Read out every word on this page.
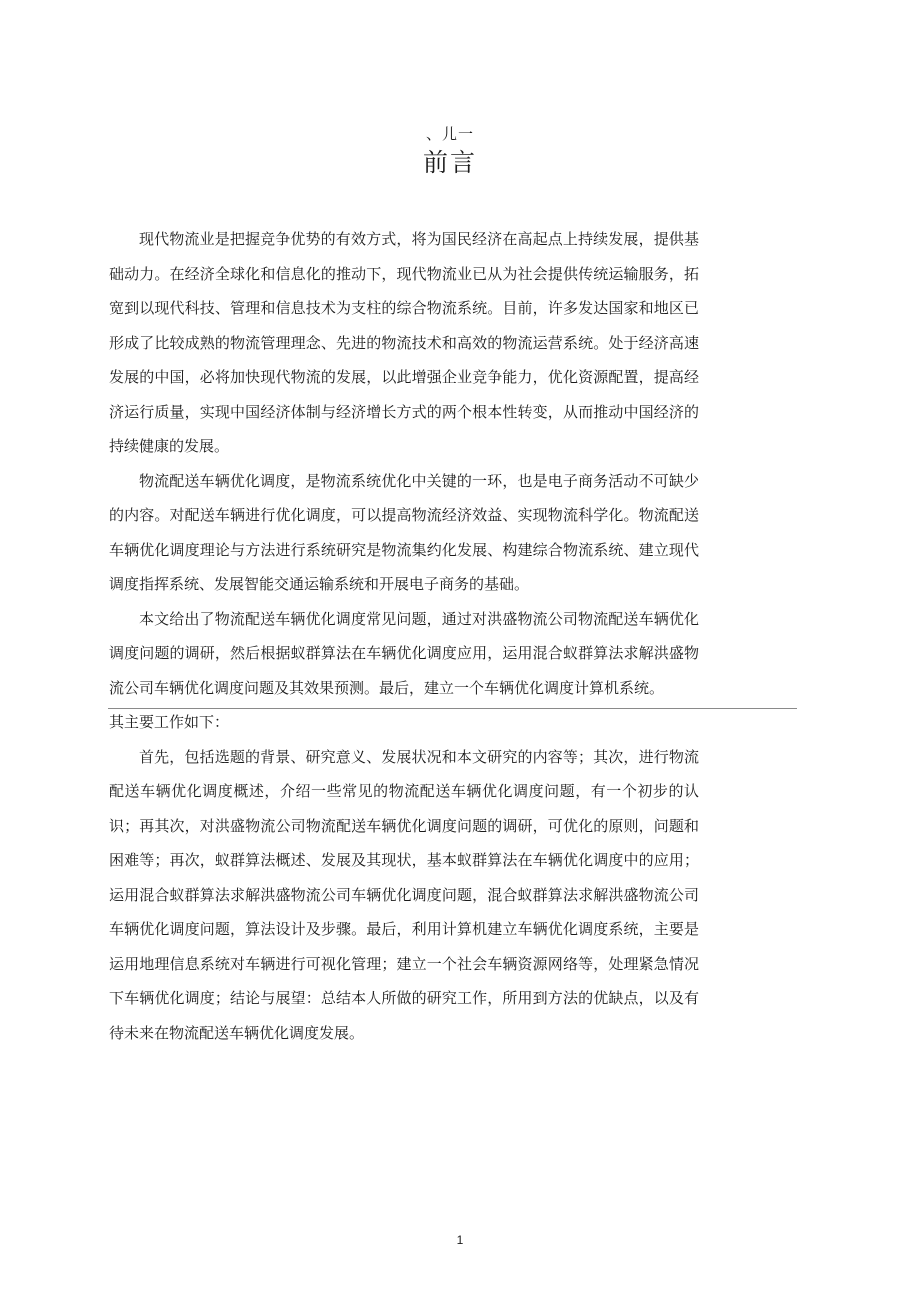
、儿一
前言

现代物流业是把握竞争优势的有效方式，将为国民经济在高起点上持续发展，提供基础动力。在经济全球化和信息化的推动下，现代物流业已从为社会提供传统运输服务，拓宽到以现代科技、管理和信息技术为支柱的综合物流系统。目前，许多发达国家和地区已形成了比较成熟的物流管理理念、先进的物流技术和高效的物流运营系统。处于经济高速发展的中国，必将加快现代物流的发展，以此增强企业竞争能力，优化资源配置，提高经济运行质量，实现中国经济体制与经济增长方式的两个根本性转变，从而推动中国经济的持续健康的发展。

物流配送车辆优化调度，是物流系统优化中关键的一环，也是电子商务活动不可缺少的内容。对配送车辆进行优化调度，可以提高物流经济效益、实现物流科学化。物流配送车辆优化调度理论与方法进行系统研究是物流集约化发展、构建综合物流系统、建立现代调度指挥系统、发展智能交通运输系统和开展电子商务的基础。

本文给出了物流配送车辆优化调度常见问题，通过对洪盛物流公司物流配送车辆优化调度问题的调研，然后根据蚁群算法在车辆优化调度应用，运用混合蚁群算法求解洪盛物流公司车辆优化调度问题及其效果预测。最后，建立一个车辆优化调度计算机系统。

其主要工作如下：

首先，包括选题的背景、研究意义、发展状况和本文研究的内容等；其次，进行物流配送车辆优化调度概述，介绍一些常见的物流配送车辆优化调度问题，有一个初步的认识；再其次，对洪盛物流公司物流配送车辆优化调度问题的调研，可优化的原则，问题和困难等；再次，蚁群算法概述、发展及其现状，基本蚁群算法在车辆优化调度中的应用；运用混合蚁群算法求解洪盛物流公司车辆优化调度问题，混合蚁群算法求解洪盛物流公司车辆优化调度问题，算法设计及步骤。最后，利用计算机建立车辆优化调度系统，主要是运用地理信息系统对车辆进行可视化管理；建立一个社会车辆资源网络等，处理紧急情况下车辆优化调度；结论与展望：总结本人所做的研究工作，所用到方法的优缺点，以及有待未来在物流配送车辆优化调度发展。

1
